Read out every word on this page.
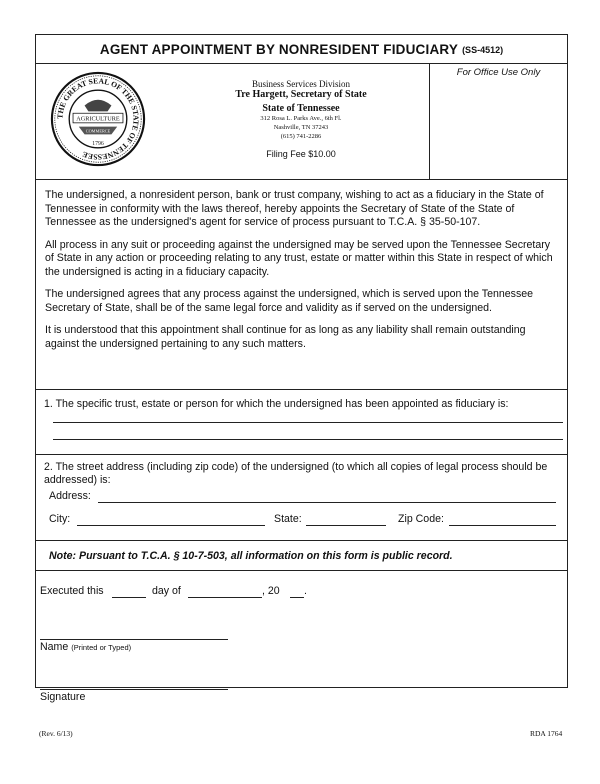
AGENT APPOINTMENT BY NONRESIDENT FIDUCIARY (SS-4512)
THE GREAT SEAL OF THE STATE OF TENNESSEE
AGRICULTURE
COMMERCE
1796
Business Services Division
Tre Hargett, Secretary of State
State of Tennessee
312 Rosa L. Parks Ave., 6th Fl.
Nashville, TN 37243
(615) 741-2286
Filing Fee $10.00
For Office Use Only

The undersigned, a nonresident person, bank or trust company, wishing to act as a fiduciary in the State of Tennessee in conformity with the laws thereof, hereby appoints the Secretary of State of the State of Tennessee as the undersigned's agent for service of process pursuant to T.C.A. § 35-50-107.

All process in any suit or proceeding against the undersigned may be served upon the Tennessee Secretary of State in any action or proceeding relating to any trust, estate or matter within this State in respect of which the undersigned is acting in a fiduciary capacity.

The undersigned agrees that any process against the undersigned, which is served upon the Tennessee Secretary of State, shall be of the same legal force and validity as if served on the undersigned.

It is understood that this appointment shall continue for as long as any liability shall remain outstanding against the undersigned pertaining to any such matters.

1. The specific trust, estate or person for which the undersigned has been appointed as fiduciary is:
2. The street address (including zip code) of the undersigned (to which all copies of legal process should be addressed) is:
Address:
City:	State:	Zip Code:
Note: Pursuant to T.C.A. § 10-7-503, all information on this form is public record.
Executed this	day of	, 20 .
Name (Printed or Typed)
Signature
(Rev. 6/13)	RDA 1764
